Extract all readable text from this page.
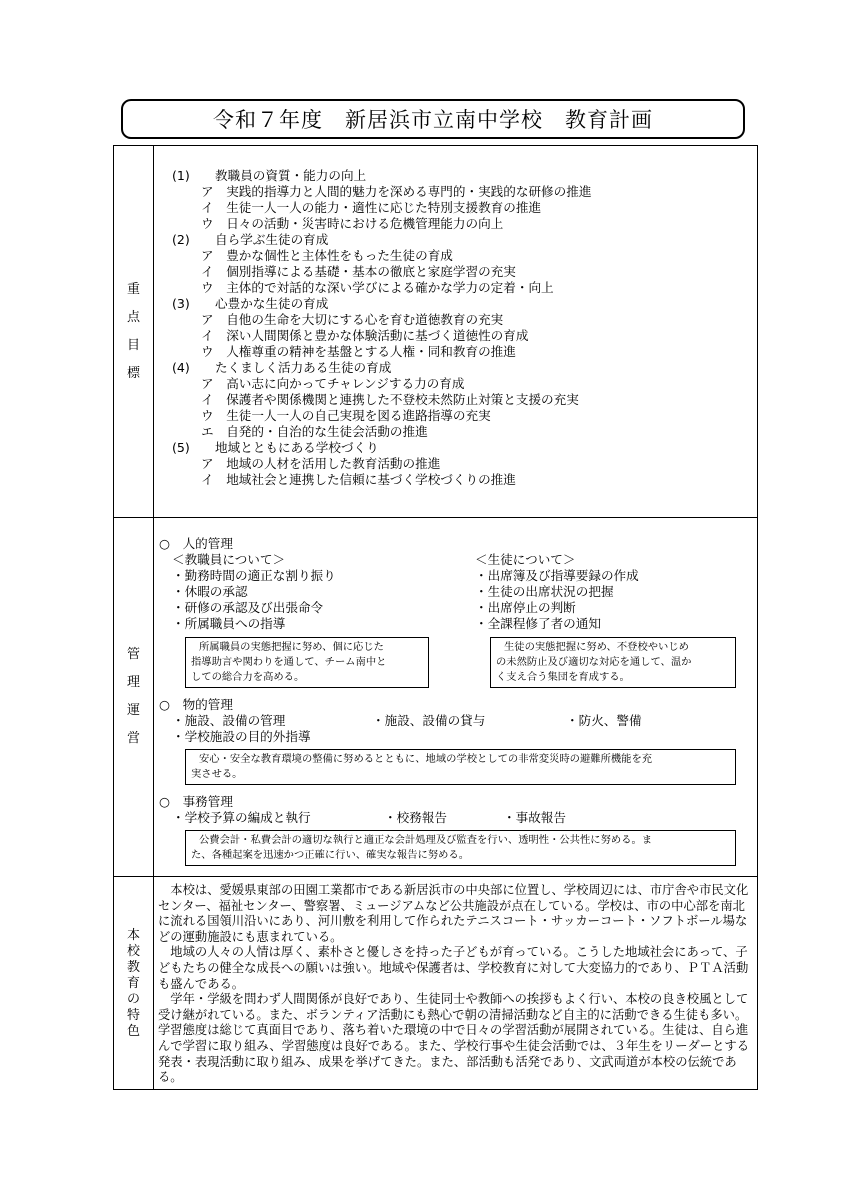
令和７年度　新居浜市立南中学校　教育計画
重
点
目
標
(1)　　教職員の資質・能力の向上
ア　実践的指導力と人間的魅力を深める専門的・実践的な研修の推進
イ　生徒一人一人の能力・適性に応じた特別支援教育の推進
ウ　日々の活動・災害時における危機管理能力の向上
(2)　　自ら学ぶ生徒の育成
ア　豊かな個性と主体性をもった生徒の育成
イ　個別指導による基礎・基本の徹底と家庭学習の充実
ウ　主体的で対話的な深い学びによる確かな学力の定着・向上
(3)　　心豊かな生徒の育成
ア　自他の生命を大切にする心を育む道徳教育の充実
イ　深い人間関係と豊かな体験活動に基づく道徳性の育成
ウ　人権尊重の精神を基盤とする人権・同和教育の推進
(4)　　たくましく活力ある生徒の育成
ア　高い志に向かってチャレンジする力の育成
イ　保護者や関係機関と連携した不登校未然防止対策と支援の充実
ウ　生徒一人一人の自己実現を図る進路指導の充実
エ　自発的・自治的な生徒会活動の推進
(5)　　地域とともにある学校づくり
ア　地域の人材を活用した教育活動の推進
イ　地域社会と連携した信頼に基づく学校づくりの推進
管
理
運
営
○　人的管理
＜教職員について＞
・勤務時間の適正な割り振り
・休暇の承認
・研修の承認及び出張命令
・所属職員への指導
所属職員の実態把握に努め、個に応じた
指導助言や関わりを通して、チーム南中と
しての総合力を高める。
＜生徒について＞
・出席簿及び指導要録の作成
・生徒の出席状況の把握
・出席停止の判断
・全課程修了者の通知
生徒の実態把握に努め、不登校やいじめ
の未然防止及び適切な対応を通して、温か
く支え合う集団を育成する。
○　物的管理
・施設、設備の管理	・施設、設備の貸与	・防火、警備
・学校施設の目的外指導
安心・安全な教育環境の整備に努めるとともに、地域の学校としての非常変災時の避難所機能を充
実させる。
○　事務管理
・学校予算の編成と執行	・校務報告	・事故報告
公費会計・私費会計の適切な執行と適正な会計処理及び監査を行い、透明性・公共性に努める。ま
た、各種起案を迅速かつ正確に行い、確実な報告に努める。
本
校
教
育
の
特
色

本校は、愛媛県東部の田園工業都市である新居浜市の中央部に位置し、学校周辺には、市庁舎や市民文化センター、福祉センター、警察署、ミュージアムなど公共施設が点在している。学校は、市の中心部を南北に流れる国領川沿いにあり、河川敷を利用して作られたテニスコート・サッカーコート・ソフトボール場などの運動施設にも恵まれている。

地域の人々の人情は厚く、素朴さと優しさを持った子どもが育っている。こうした地域社会にあって、子どもたちの健全な成長への願いは強い。地域や保護者は、学校教育に対して大変協力的であり、ＰＴＡ活動も盛んである。

学年・学級を問わず人間関係が良好であり、生徒同士や教師への挨拶もよく行い、本校の良き校風として受け継がれている。また、ボランティア活動にも熱心で朝の清掃活動など自主的に活動できる生徒も多い。学習態度は総じて真面目であり、落ち着いた環境の中で日々の学習活動が展開されている。生徒は、自ら進んで学習に取り組み、学習態度は良好である。また、学校行事や生徒会活動では、３年生をリーダーとする発表・表現活動に取り組み、成果を挙げてきた。また、部活動も活発であり、文武両道が本校の伝統である。
